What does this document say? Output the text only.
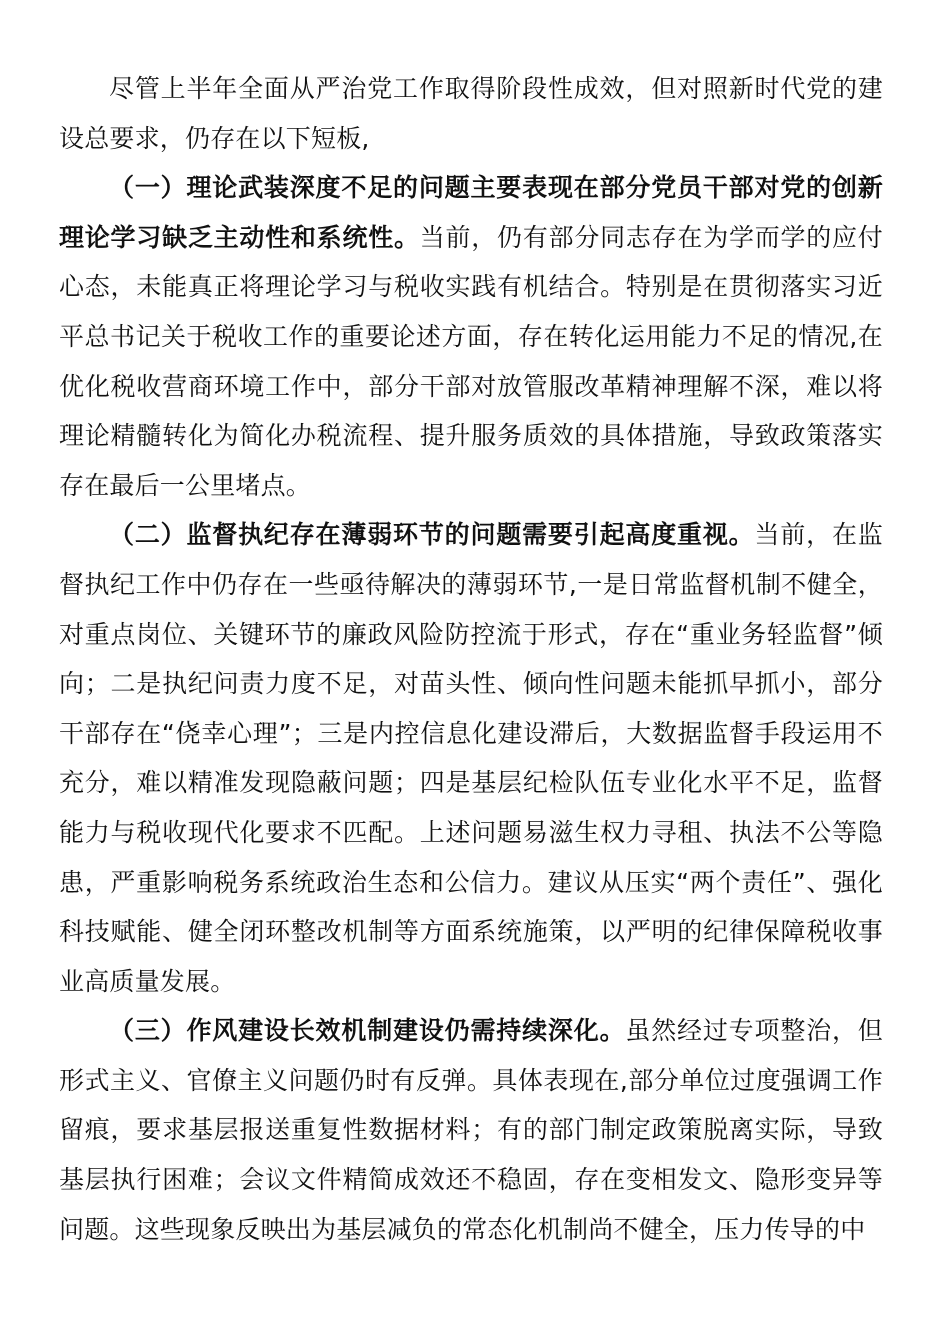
尽管上半年全面从严治党工作取得阶段性成效，但对照新时代党的建设总要求，仍存在以下短板,

（一）理论武装深度不足的问题主要表现在部分党员干部对党的创新理论学习缺乏主动性和系统性。当前，仍有部分同志存在为学而学的应付心态，未能真正将理论学习与税收实践有机结合。特别是在贯彻落实习近平总书记关于税收工作的重要论述方面，存在转化运用能力不足的情况,在优化税收营商环境工作中，部分干部对放管服改革精神理解不深，难以将理论精髓转化为简化办税流程、提升服务质效的具体措施，导致政策落实存在最后一公里堵点。

（二）监督执纪存在薄弱环节的问题需要引起高度重视。当前，在监督执纪工作中仍存在一些亟待解决的薄弱环节,一是日常监督机制不健全，对重点岗位、关键环节的廉政风险防控流于形式，存在“重业务轻监督”倾向；二是执纪问责力度不足，对苗头性、倾向性问题未能抓早抓小，部分干部存在“侥幸心理”；三是内控信息化建设滞后，大数据监督手段运用不充分，难以精准发现隐蔽问题；四是基层纪检队伍专业化水平不足，监督能力与税收现代化要求不匹配。上述问题易滋生权力寻租、执法不公等隐患，严重影响税务系统政治生态和公信力。建议从压实“两个责任”、强化科技赋能、健全闭环整改机制等方面系统施策，以严明的纪律保障税收事业高质量发展。

（三）作风建设长效机制建设仍需持续深化。虽然经过专项整治，但形式主义、官僚主义问题仍时有反弹。具体表现在,部分单位过度强调工作留痕，要求基层报送重复性数据材料；有的部门制定政策脱离实际，导致基层执行困难；会议文件精简成效还不稳固，存在变相发文、隐形变异等问题。这些现象反映出为基层减负的常态化机制尚不健全，压力传导的中
